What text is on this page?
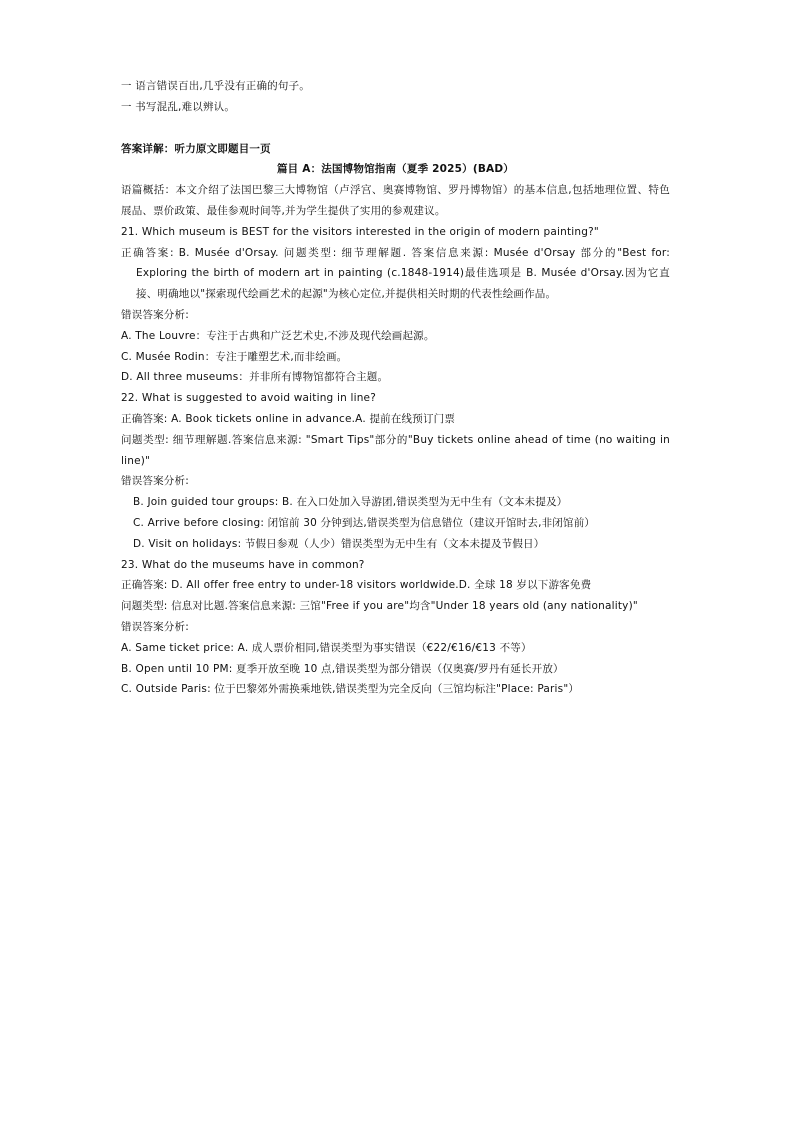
一 语言错误百出,几乎没有正确的句子。

一 书写混乱,难以辨认。

答案详解：听力原文即题目一页

篇目 A：法国博物馆指南（夏季 2025）(BAD）

语篇概括：本文介绍了法国巴黎三大博物馆（卢浮宫、奥赛博物馆、罗丹博物馆）的基本信息,包括地理位置、特色展品、票价政策、最佳参观时间等,并为学生提供了实用的参观建议。

21. Which museum is BEST for the visitors interested in the origin of modern painting?"

正确答案: B. Musée d'Orsay. 问题类型: 细节理解题. 答案信息来源: Musée d'Orsay 部分的"Best for: Exploring the birth of modern art in painting (c.1848-1914)最佳选项是 B. Musée d'Orsay.因为它直接、明确地以"探索现代绘画艺术的起源"为核心定位,并提供相关时期的代表性绘画作品。

错误答案分析:

A. The Louvre：专注于古典和广泛艺术史,不涉及现代绘画起源。

C. Musée Rodin：专注于雕塑艺术,而非绘画。

D. All three museums：并非所有博物馆都符合主题。

22. What is suggested to avoid waiting in line?

正确答案: A. Book tickets online in advance.A. 提前在线预订门票

问题类型: 细节理解题.答案信息来源: "Smart Tips"部分的"Buy tickets online ahead of time (no waiting in line)"

错误答案分析:

B. Join guided tour groups: B. 在入口处加入导游团,错误类型为无中生有（文本未提及）

C. Arrive before closing: 闭馆前 30 分钟到达,错误类型为信息错位（建议开馆时去,非闭馆前）

D. Visit on holidays: 节假日参观（人少）错误类型为无中生有（文本未提及节假日）

23. What do the museums have in common?

正确答案: D. All offer free entry to under-18 visitors worldwide.D. 全球 18 岁以下游客免费

问题类型: 信息对比题.答案信息来源: 三馆"Free if you are"均含"Under 18 years old (any nationality)"

错误答案分析:

A. Same ticket price: A. 成人票价相同,错误类型为事实错误（€22/€16/€13 不等）

B. Open until 10 PM: 夏季开放至晚 10 点,错误类型为部分错误（仅奥赛/罗丹有延长开放）

C. Outside Paris: 位于巴黎郊外需换乘地铁,错误类型为完全反向（三馆均标注"Place: Paris"）
